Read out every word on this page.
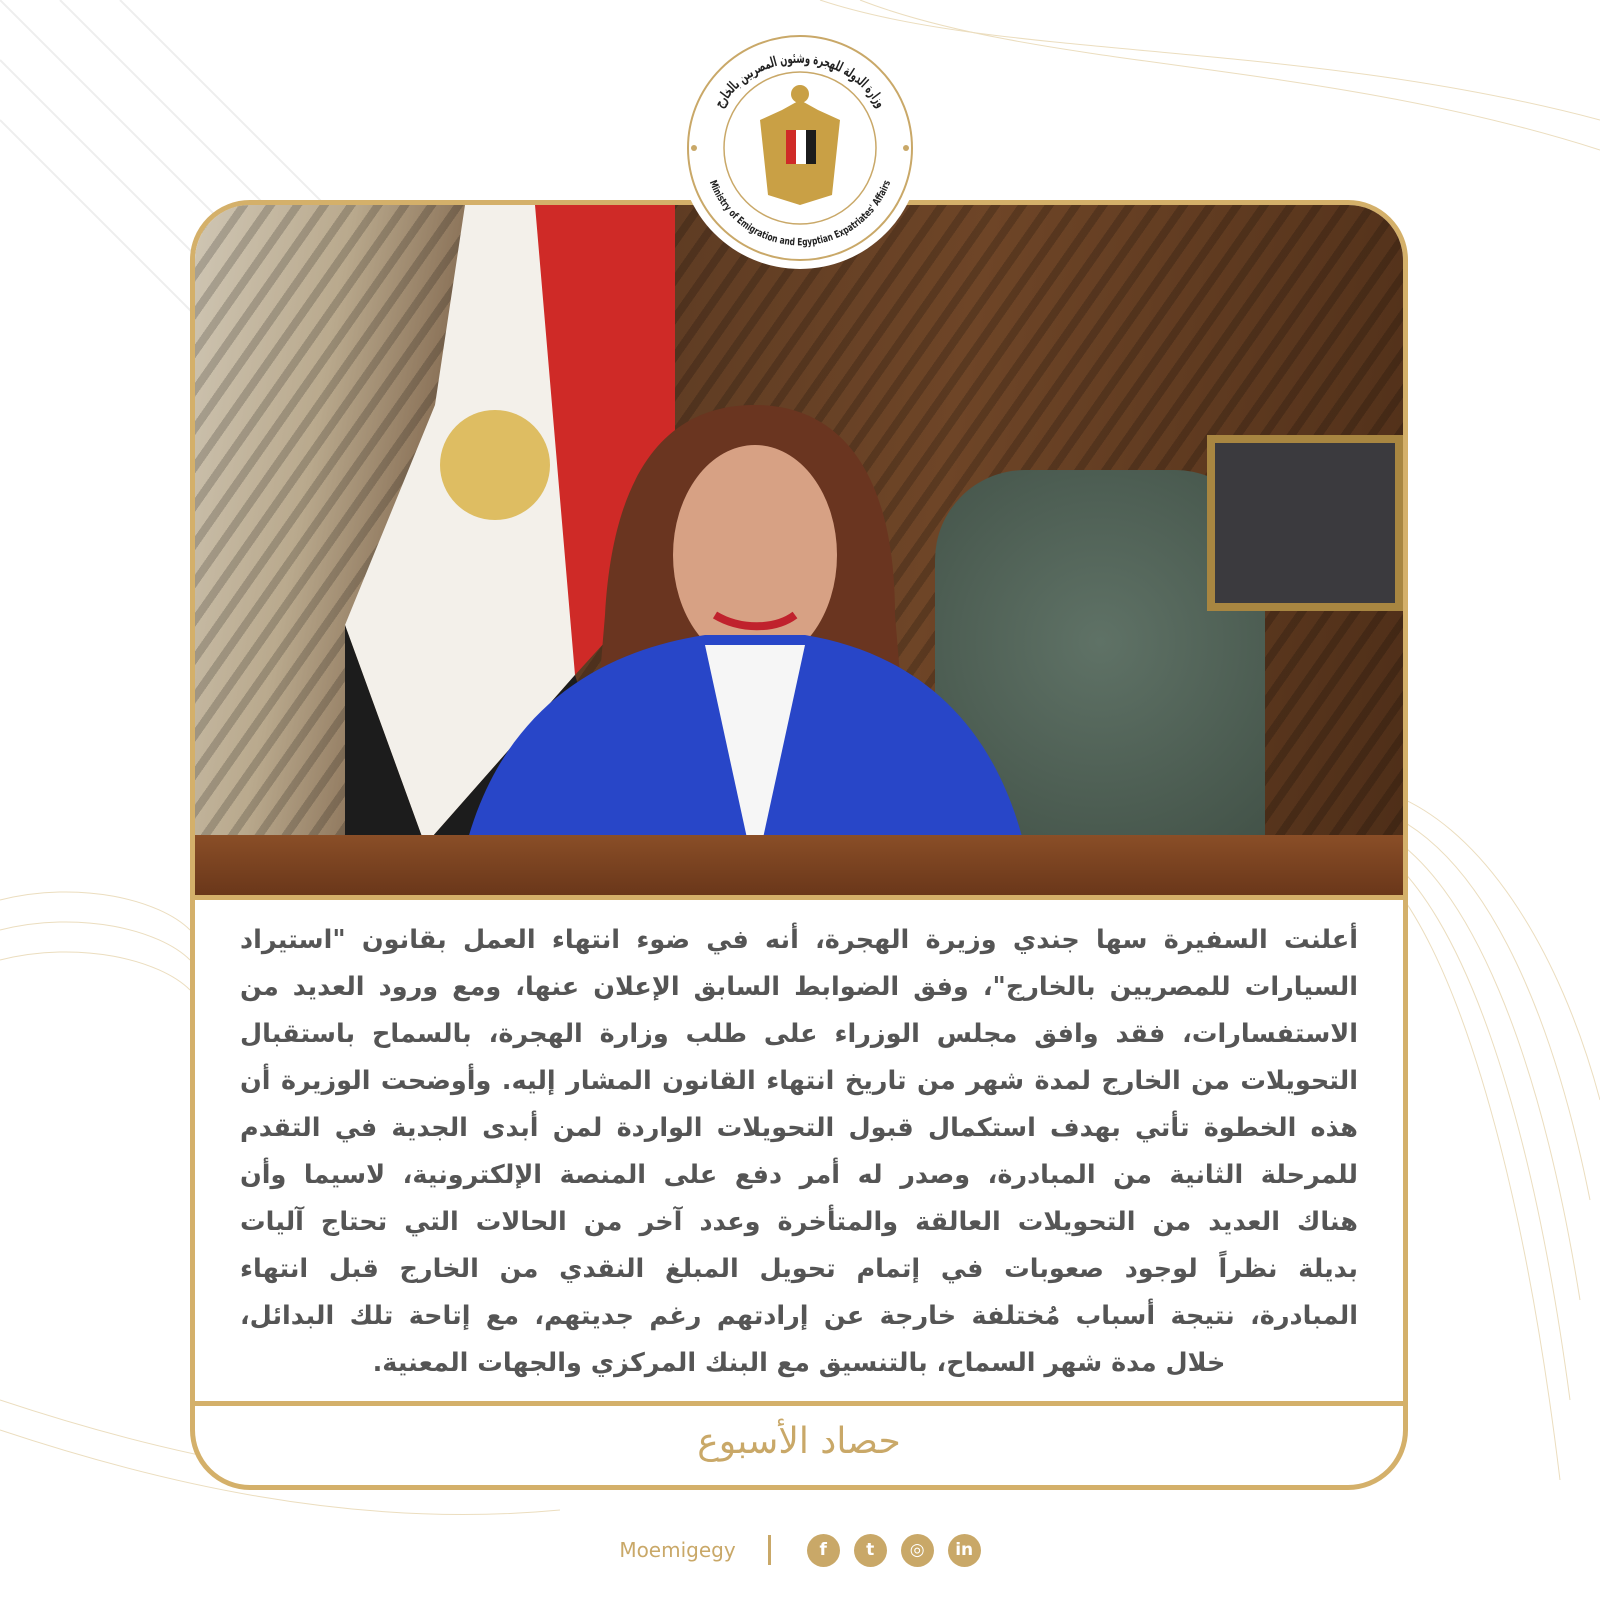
أعلنت السفيرة سها جندي وزيرة الهجرة، أنه في ضوء انتهاء العمل بقانون "استيراد
السيارات للمصريين بالخارج"، وفق الضوابط السابق الإعلان عنها، ومع ورود العديد من
الاستفسارات، فقد وافق مجلس الوزراء على طلب وزارة الهجرة، بالسماح باستقبال
التحويلات من الخارج لمدة شهر من تاريخ انتهاء القانون المشار إليه. وأوضحت الوزيرة أن
هذه الخطوة تأتي بهدف استكمال قبول التحويلات الواردة لمن أبدى الجدية في التقدم
للمرحلة الثانية من المبادرة، وصدر له أمر دفع على المنصة الإلكترونية، لاسيما وأن
هناك العديد من التحويلات العالقة والمتأخرة وعدد آخر من الحالات التي تحتاج آليات
بديلة نظراً لوجود صعوبات في إتمام تحويل المبلغ النقدي من الخارج قبل انتهاء
المبادرة، نتيجة أسباب مُختلفة خارجة عن إرادتهم رغم جديتهم، مع إتاحة تلك البدائل،
خلال مدة شهر السماح، بالتنسيق مع البنك المركزي والجهات المعنية.
حصاد الأسبوع
وزارة الدولة للهجرة وشئون المصريين بالخارج
Ministry of Emigration and Egyptian Expatriates' Affairs
Moemigegy	f	t	◎	in
